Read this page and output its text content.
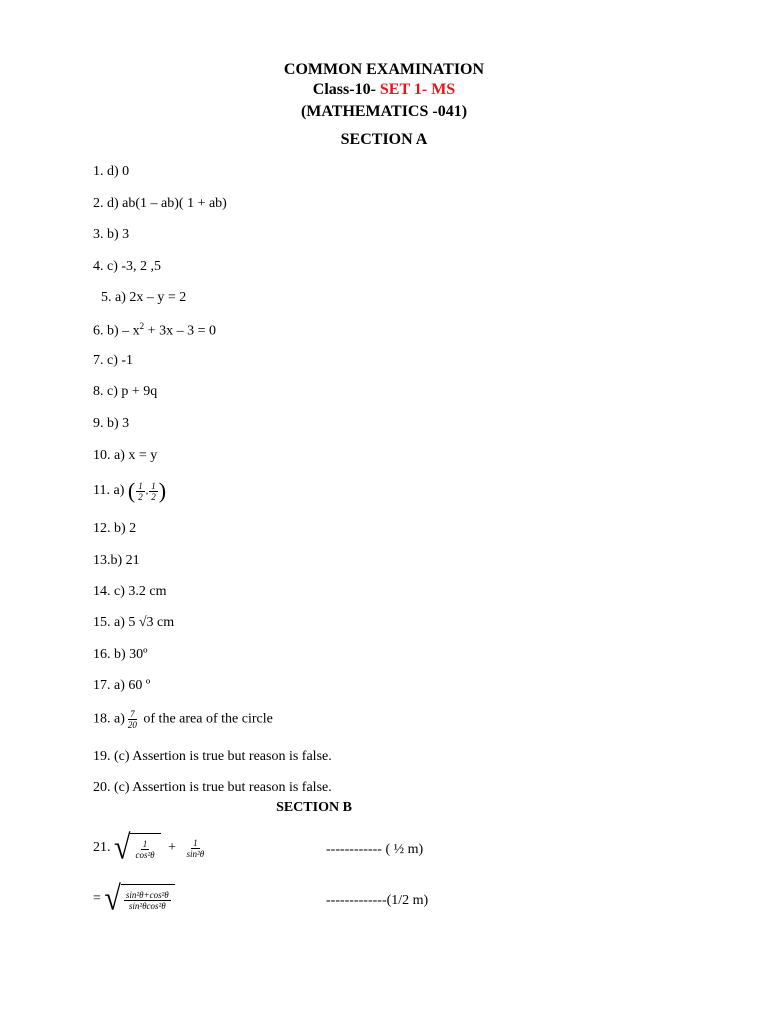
COMMON EXAMINATION
Class-10- SET 1- MS
(MATHEMATICS -041)
SECTION A
1. d) 0
2. d) ab(1 – ab)( 1 + ab)
3. b) 3
4. c) -3, 2 ,5
5. a) 2x – y = 2
6. $b) - x^2 + 3x - 3 = 0$
7. c) -1
8. c) p + 9q
9. b) 3
10. a) x = y
11. a) ( $\frac{1}{2}$ , $\frac{1}{2}$ )
12. b) 2
13.b) 21
14. c) 3.2 cm
15. a) 5 √3 cm
16. b) 30º
17. a) 60 º
18. $a) \frac{7}{20}$ of the area of the circle
19. (c) Assertion is true but reason is false.
20. (c) Assertion is true but reason is false.
SECTION B
21. √ $\frac{1}{\text{cos²θ}} + \frac{1}{\text{sin²θ}}$	------------ ( ½ m)
= √ $\frac{\text{sin²θ+cos²θ}}{\text{sin²θcos²θ}}$	-------------(1/2 m)
